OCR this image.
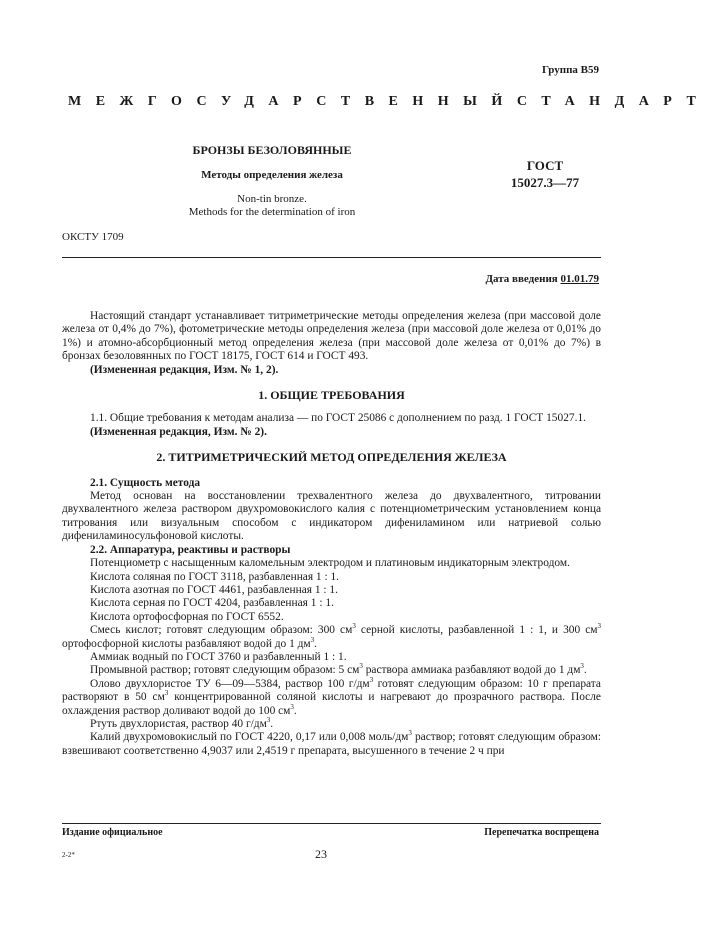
Группа В59
МЕЖГОСУДАРСТВЕННЫЙ СТАНДАРТ
БРОНЗЫ БЕЗОЛОВЯННЫЕ
Методы определения железа
Non-tin bronze.
Methods for the determination of iron
ГОСТ
15027.3—77
ОКСТУ 1709
Дата введения 01.01.79

Настоящий стандарт устанавливает титриметрические методы определения железа (при массовой доле железа от 0,4% до 7%), фотометрические методы определения железа (при массовой доле железа от 0,01% до 1%) и атомно-абсорбционный метод определения железа (при массовой доле железа от 0,01% до 7%) в бронзах безоловянных по ГОСТ 18175, ГОСТ 614 и ГОСТ 493.

(Измененная редакция, Изм. № 1, 2).

1. ОБЩИЕ ТРЕБОВАНИЯ

1.1. Общие требования к методам анализа — по ГОСТ 25086 с дополнением по разд. 1 ГОСТ 15027.1.

(Измененная редакция, Изм. № 2).

2. ТИТРИМЕТРИЧЕСКИЙ МЕТОД ОПРЕДЕЛЕНИЯ ЖЕЛЕЗА

2.1. Сущность метода

Метод основан на восстановлении трехвалентного железа до двухвалентного, титровании двухвалентного железа раствором двухромовокислого калия с потенциометрическим установлением конца титрования или визуальным способом с индикатором дифениламином или натриевой солью дифениламиносульфоновой кислоты.

2.2. Аппаратура, реактивы и растворы

Потенциометр с насыщенным каломельным электродом и платиновым индикаторным электродом.

Кислота соляная по ГОСТ 3118, разбавленная 1 : 1.

Кислота азотная по ГОСТ 4461, разбавленная 1 : 1.

Кислота серная по ГОСТ 4204, разбавленная 1 : 1.

Кислота ортофосфорная по ГОСТ 6552.

Смесь кислот; готовят следующим образом: 300 $см^3$ серной кислоты, разбавленной 1 : 1, и 300 $см^3$ ортофосфорной кислоты разбавляют водой до 1 $дм^3$.

Аммиак водный по ГОСТ 3760 и разбавленный 1 : 1.

Промывной раствор; готовят следующим образом: 5 $см^3$ раствора аммиака разбавляют водой до 1 $дм^3$.

Олово двухлористое ТУ 6—09—5384, раствор 100 $г/дм^3$ готовят следующим образом: 10 г препарата растворяют в 50 $см^3$ концентрированной соляной кислоты и нагревают до прозрачного раствора. После охлаждения раствор доливают водой до 100 $см^3$.

Ртуть двухлористая, раствор 40 $г/дм^3$.

Калий двухромовокислый по ГОСТ 4220, 0,17 или 0,008 моль/$дм^3$ раствор; готовят следующим образом: взвешивают соответственно 4,9037 или 2,4519 г препарата, высушенного в течение 2 ч при

Издание официальное	Перепечатка воспрещена
2-2*	23
